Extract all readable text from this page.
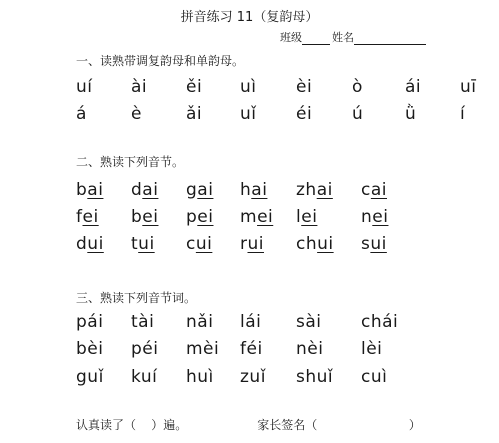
拼音练习 11（复韵母）
班级	姓名
一、读熟带调复韵母和单韵母。
uí	ài	ěi	uì	èi	ò	ái	uī
á	è	ǎi	uǐ	éi	ú	ǜ	í
二、熟读下列音节。
bai	dai	gai	hai	zhai	cai
fei	bei	pei	mei	lei	nei
dui	tui	cui	rui	chui	sui
三、熟读下列音节词。
pái	tài	nǎi	lái	sài	chái
bèi	péi	mèi	féi	nèi	lèi
guǐ	kuí	huì	zuǐ	shuǐ	cuì
认真读了（ ）遍。	家长签名（	）
